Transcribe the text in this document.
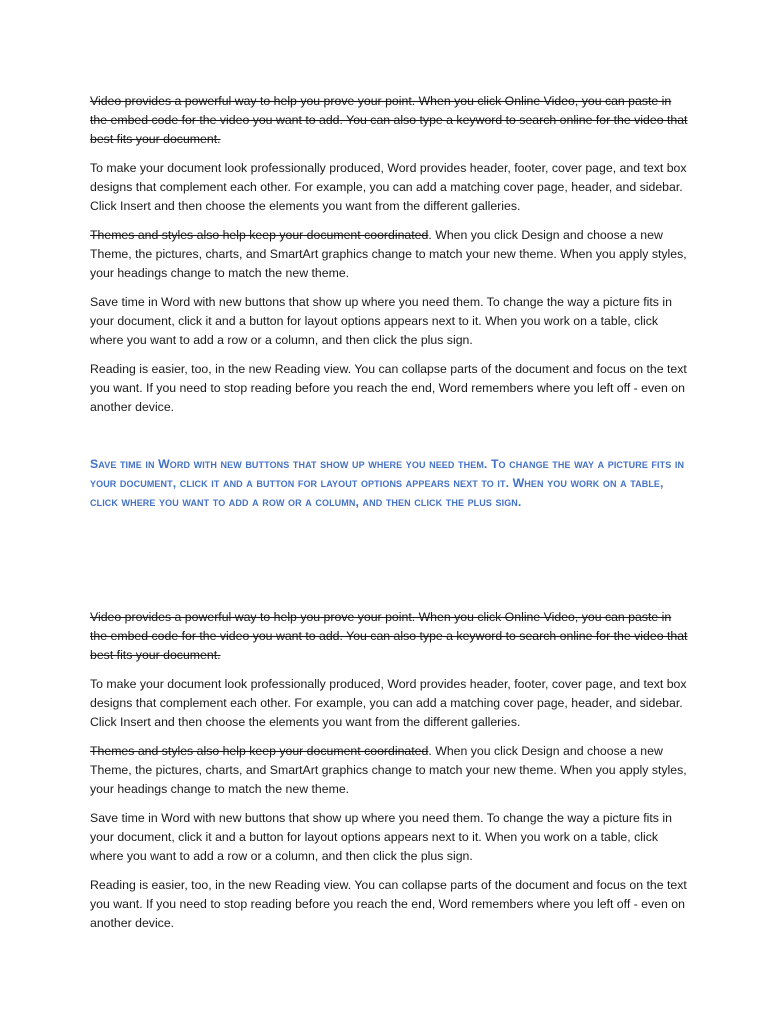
Video provides a powerful way to help you prove your point. When you click Online Video, you can paste in the embed code for the video you want to add. You can also type a keyword to search online for the video that best fits your document.

To make your document look professionally produced, Word provides header, footer, cover page, and text box designs that complement each other. For example, you can add a matching cover page, header, and sidebar. Click Insert and then choose the elements you want from the different galleries.

Themes and styles also help keep your document coordinated. When you click Design and choose a new Theme, the pictures, charts, and SmartArt graphics change to match your new theme. When you apply styles, your headings change to match the new theme.

Save time in Word with new buttons that show up where you need them. To change the way a picture fits in your document, click it and a button for layout options appears next to it. When you work on a table, click where you want to add a row or a column, and then click the plus sign.

Reading is easier, too, in the new Reading view. You can collapse parts of the document and focus on the text you want. If you need to stop reading before you reach the end, Word remembers where you left off - even on another device.

Save time in Word with new buttons that show up where you need them. To change the way a picture fits in your document, click it and a button for layout options appears next to it. When you work on a table, click where you want to add a row or a column, and then click the plus sign.

Video provides a powerful way to help you prove your point. When you click Online Video, you can paste in the embed code for the video you want to add. You can also type a keyword to search online for the video that best fits your document.

To make your document look professionally produced, Word provides header, footer, cover page, and text box designs that complement each other. For example, you can add a matching cover page, header, and sidebar. Click Insert and then choose the elements you want from the different galleries.

Themes and styles also help keep your document coordinated. When you click Design and choose a new Theme, the pictures, charts, and SmartArt graphics change to match your new theme. When you apply styles, your headings change to match the new theme.

Save time in Word with new buttons that show up where you need them. To change the way a picture fits in your document, click it and a button for layout options appears next to it. When you work on a table, click where you want to add a row or a column, and then click the plus sign.

Reading is easier, too, in the new Reading view. You can collapse parts of the document and focus on the text you want. If you need to stop reading before you reach the end, Word remembers where you left off - even on another device.
